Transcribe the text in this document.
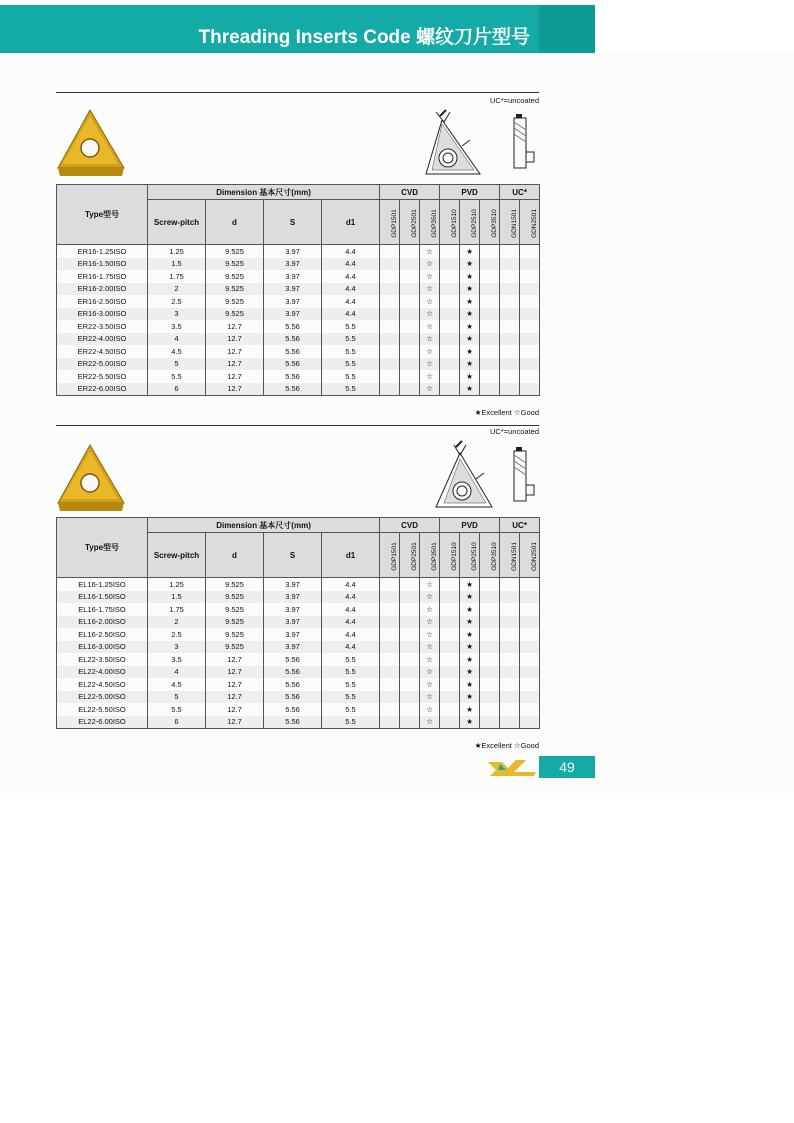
Threading Inserts Code 螺纹刀片型号
UC*=uncoated
Type型号	Dimension 基本尺寸(mm)				CVD			PVD			UC*	
	Screw-pitch	d	S	d1	GDP1501	GDP2501	GDP3501	GDP1510	GDP2510	GDP3510	GDN1501	GDN2501
ER16-1.25ISO	1.25	9.525	3.97	4.4			☆		★			
ER16-1.50ISO	1.5	9.525	3.97	4.4			☆		★			
ER16-1.75ISO	1.75	9.525	3.97	4.4			☆		★			
ER16-2.00ISO	2	9.525	3.97	4.4			☆		★			
ER16-2.50ISO	2.5	9.525	3.97	4.4			☆		★			
ER16-3.00ISO	3	9.525	3.97	4.4			☆		★			
ER22-3.50ISO	3.5	12.7	5.56	5.5			☆		★			
ER22-4.00ISO	4	12.7	5.56	5.5			☆		★			
ER22-4.50ISO	4.5	12.7	5.56	5.5			☆		★			
ER22-5.00ISO	5	12.7	5.56	5.5			☆		★			
ER22-5.50ISO	5.5	12.7	5.56	5.5			☆		★			
ER22-6.00ISO	6	12.7	5.56	5.5			☆		★			
★Excellent ☆Good
UC*=uncoated
Type型号	Dimension 基本尺寸(mm)				CVD			PVD			UC*	
	Screw-pitch	d	S	d1	GDP1501	GDP2501	GDP3501	GDP1510	GDP2510	GDP3510	GDN1501	GDN2501
EL16-1.25ISO	1.25	9.525	3.97	4.4			☆		★			
EL16-1.50ISO	1.5	9.525	3.97	4.4			☆		★			
EL16-1.75ISO	1.75	9.525	3.97	4.4			☆		★			
EL16-2.00ISO	2	9.525	3.97	4.4			☆		★			
EL16-2.50ISO	2.5	9.525	3.97	4.4			☆		★			
EL16-3.00ISO	3	9.525	3.97	4.4			☆		★			
EL22-3.50ISO	3.5	12.7	5.56	5.5			☆		★			
EL22-4.00ISO	4	12.7	5.56	5.5			☆		★			
EL22-4.50ISO	4.5	12.7	5.56	5.5			☆		★			
EL22-5.00ISO	5	12.7	5.56	5.5			☆		★			
EL22-5.50ISO	5.5	12.7	5.56	5.5			☆		★			
EL22-6.00ISO	6	12.7	5.56	5.5			☆		★			
★Excellent ☆Good
49
